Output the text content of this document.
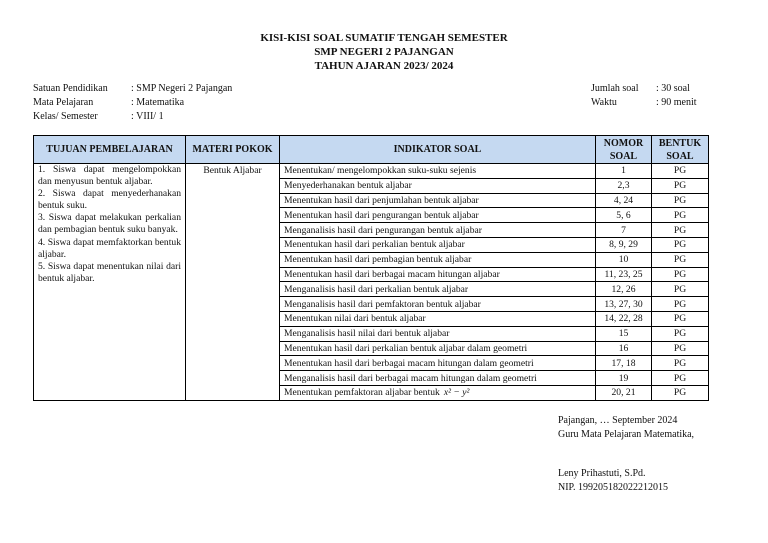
KISI-KISI SOAL SUMATIF TENGAH SEMESTER
SMP NEGERI 2 PAJANGAN
TAHUN AJARAN 2023/ 2024
Satuan Pendidikan : SMP Negeri 2 Pajangan
Mata Pelajaran	: Matematika
Kelas/ Semester	: VIII/ 1
Jumlah soal : 30 soal
Waktu	: 90 menit
TUJUAN PEMBELAJARAN	MATERI POKOK	INDIKATOR SOAL	NOMOR SOAL	BENTUK SOAL

1. Siswa dapat mengelompokkan dan menyusun bentuk aljabar.

2. Siswa dapat menyederhanakan bentuk suku.

3. Siswa dapat melakukan perkalian dan pembagian bentuk suku banyak.

4. Siswa dapat memfaktorkan bentuk aljabar.

5. Siswa dapat menentukan nilai dari bentuk aljabar.	Bentuk Aljabar	Menentukan/ mengelompokkan suku-suku sejenis	1	PG
		Menyederhanakan bentuk aljabar	2,3	PG
		Menentukan hasil dari penjumlahan bentuk aljabar	4, 24	PG
		Menentukan hasil dari pengurangan bentuk aljabar	5, 6	PG
		Menganalisis hasil dari pengurangan bentuk aljabar	7	PG
		Menentukan hasil dari perkalian bentuk aljabar	8, 9, 29	PG
		Menentukan hasil dari pembagian bentuk aljabar	10	PG
		Menentukan hasil dari berbagai macam hitungan aljabar	11, 23, 25	PG
		Menganalisis hasil dari perkalian bentuk aljabar	12, 26	PG
		Menganalisis hasil dari pemfaktoran bentuk aljabar	13, 27, 30	PG
		Menentukan nilai dari bentuk aljabar	14, 22, 28	PG
		Menganalisis hasil nilai dari bentuk aljabar	15	PG
		Menentukan hasil dari perkalian bentuk aljabar dalam geometri	16	PG
		Menentukan hasil dari berbagai macam hitungan dalam geometri	17, 18	PG
		Menganalisis hasil dari berbagai macam hitungan dalam geometri	19	PG
		Menentukan pemfaktoran aljabar bentuk x² − y²	20, 21	PG
Pajangan, … September 2024
Guru Mata Pelajaran Matematika,
Leny Prihastuti, S.Pd.
NIP. 199205182022212015
